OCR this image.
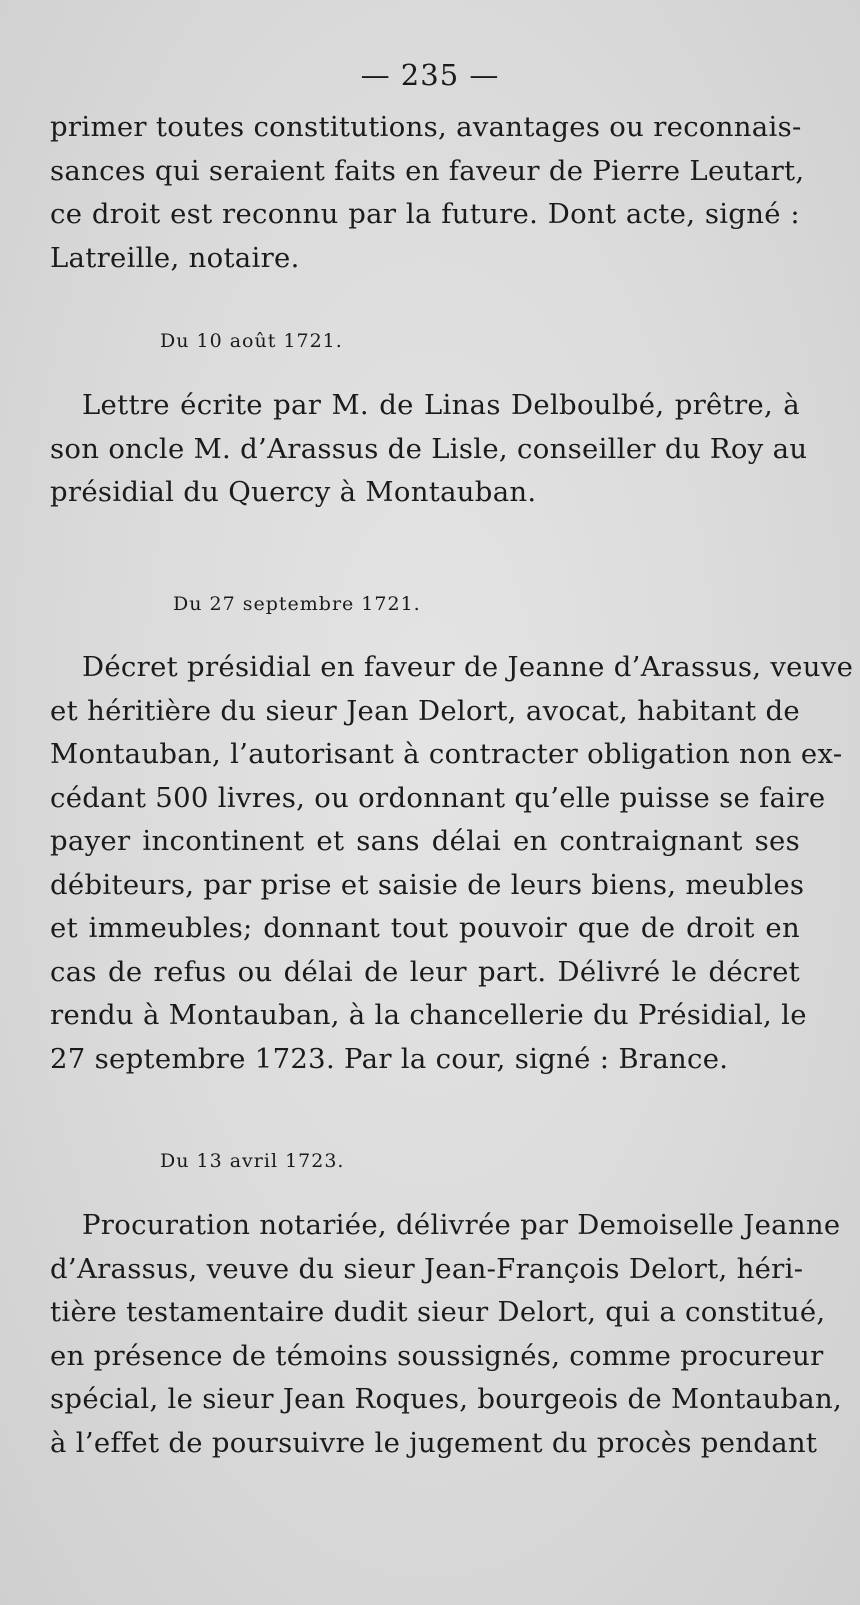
— 235 —
primer toutes constitutions, avantages ou reconnais-
sances qui seraient faits en faveur de Pierre Leutart,
ce droit est reconnu par la future. Dont acte, signé :
Latreille, notaire.
Du 10 août 1721.
Lettre écrite par M. de Linas Delboulbé, prêtre, à
son oncle M. d’Arassus de Lisle, conseiller du Roy au
présidial du Quercy à Montauban.
Du 27 septembre 1721.
Décret présidial en faveur de Jeanne d’Arassus, veuve
et héritière du sieur Jean Delort, avocat, habitant de
Montauban, l’autorisant à contracter obligation non ex-
cédant 500 livres, ou ordonnant qu’elle puisse se faire
payer incontinent et sans délai en contraignant ses
débiteurs, par prise et saisie de leurs biens, meubles
et immeubles; donnant tout pouvoir que de droit en
cas de refus ou délai de leur part. Délivré le décret
rendu à Montauban, à la chancellerie du Présidial, le
27 septembre 1723. Par la cour, signé : Brance.
Du 13 avril 1723.
Procuration notariée, délivrée par Demoiselle Jeanne
d’Arassus, veuve du sieur Jean-François Delort, héri-
tière testamentaire dudit sieur Delort, qui a constitué,
en présence de témoins soussignés, comme procureur
spécial, le sieur Jean Roques, bourgeois de Montauban,
à l’effet de poursuivre le jugement du procès pendant
